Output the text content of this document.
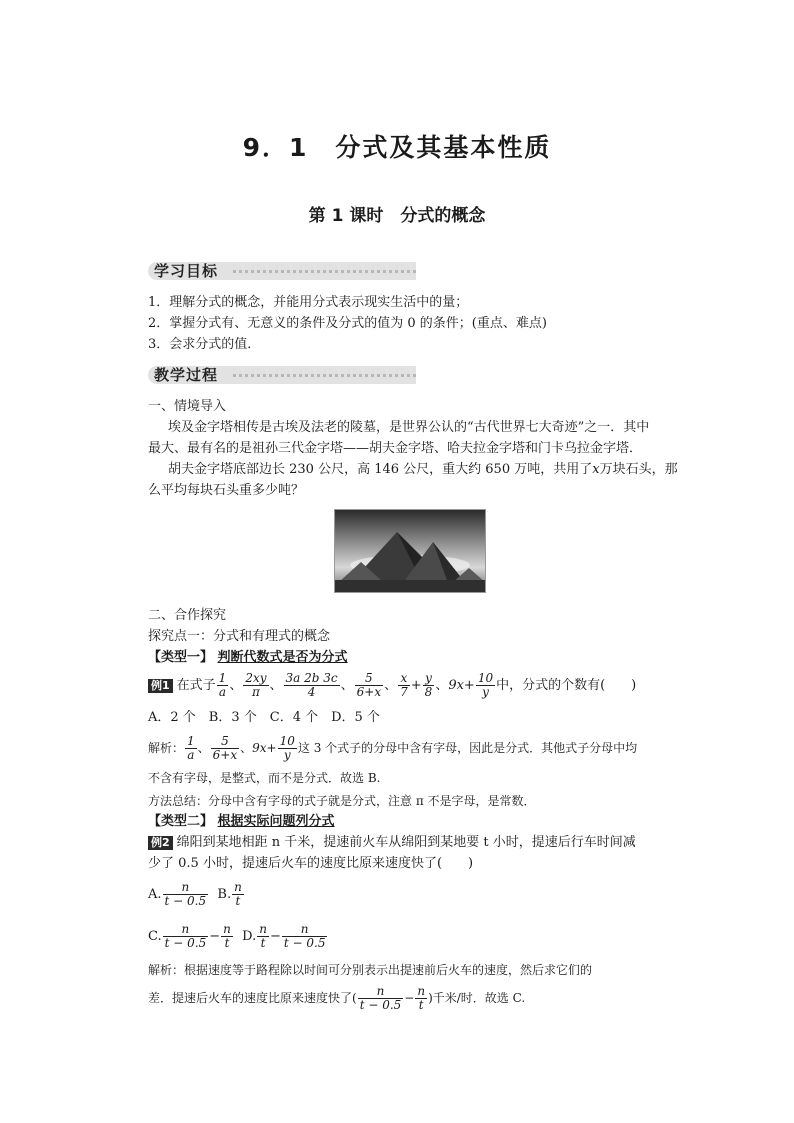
9．1　分式及其基本性质
第 1 课时　分式的概念
学习目标
1．理解分式的概念，并能用分式表示现实生活中的量；
2．掌握分式有、无意义的条件及分式的值为 0 的条件；(重点、难点)
3．会求分式的值．
教学过程
一、情境导入
埃及金字塔相传是古埃及法老的陵墓，是世界公认的“古代世界七大奇迹”之一．其中
最大、最有名的是祖孙三代金字塔——胡夫金字塔、哈夫拉金字塔和门卡乌拉金字塔．
胡夫金字塔底部边长 230 公尺，高 146 公尺，重大约 650 万吨，共用了x万块石头，那
么平均每块石头重多少吨？
二、合作探究
探究点一：分式和有理式的概念
【类型一】 判断代数式是否为分式
例1 在式子 $\frac{1}{a}$ 、 $\frac{2xy}{\pi}$ 、 $\frac{3a 2b 3c}{4}$ 、 $\frac{5}{6+x}$ 、 $\frac{x}{7} + \frac{y}{8}$ 、$9x+ \frac{10}{y}$ 中，分式的个数有(　　)
A．2 个　B．3 个　C．4 个　D．5 个
解析： $\frac{1}{a}$ 、 $\frac{5}{6+x}$ 、$9x+ \frac{10}{y}$ 这 3 个式子的分母中含有字母，因此是分式．其他式子分母中均
不含有字母，是整式，而不是分式．故选 B.
方法总结：分母中含有字母的式子就是分式，注意 π 不是字母，是常数．
【类型二】 根据实际问题列分式
例2 绵阳到某地相距 n 千米，提速前火车从绵阳到某地要 t 小时，提速后行车时间减
少了 0.5 小时，提速后火车的速度比原来速度快了(　　)
A. $\frac{n}{t - 0.5} B$. $\frac{n}{t}$
C. $\frac{n}{t - 0.5} - \frac{n}{t} D$. $\frac{n}{t} - \frac{n}{t - 0.5}$
解析：根据速度等于路程除以时间可分别表示出提速前后火车的速度，然后求它们的
差．提速后火车的速度比原来速度快了( $\frac{n}{t - 0.5} - \frac{n}{t}$ )千米/时．故选 C.
